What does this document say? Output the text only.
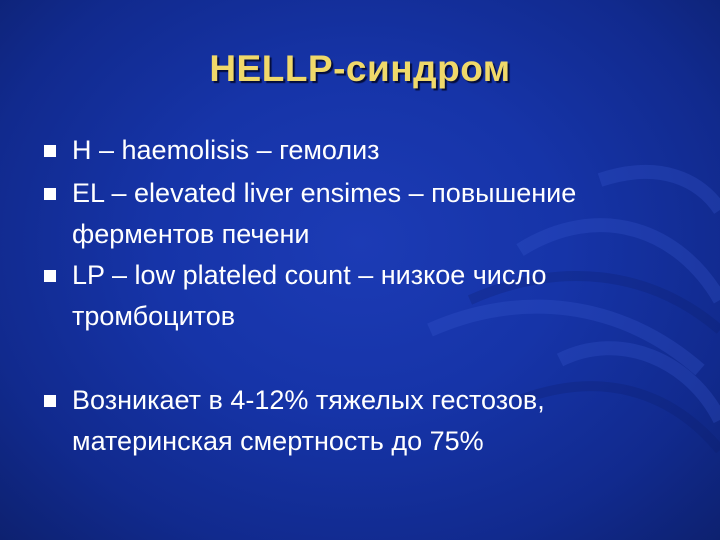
HELLP-синдром
H – haemolisis – гемолиз
EL – elevated liver ensimes – повышение
ферментов печени
LP – low plateled count – низкое число
тромбоцитов
Возникает в 4-12% тяжелых гестозов,
материнская смертность до 75%
